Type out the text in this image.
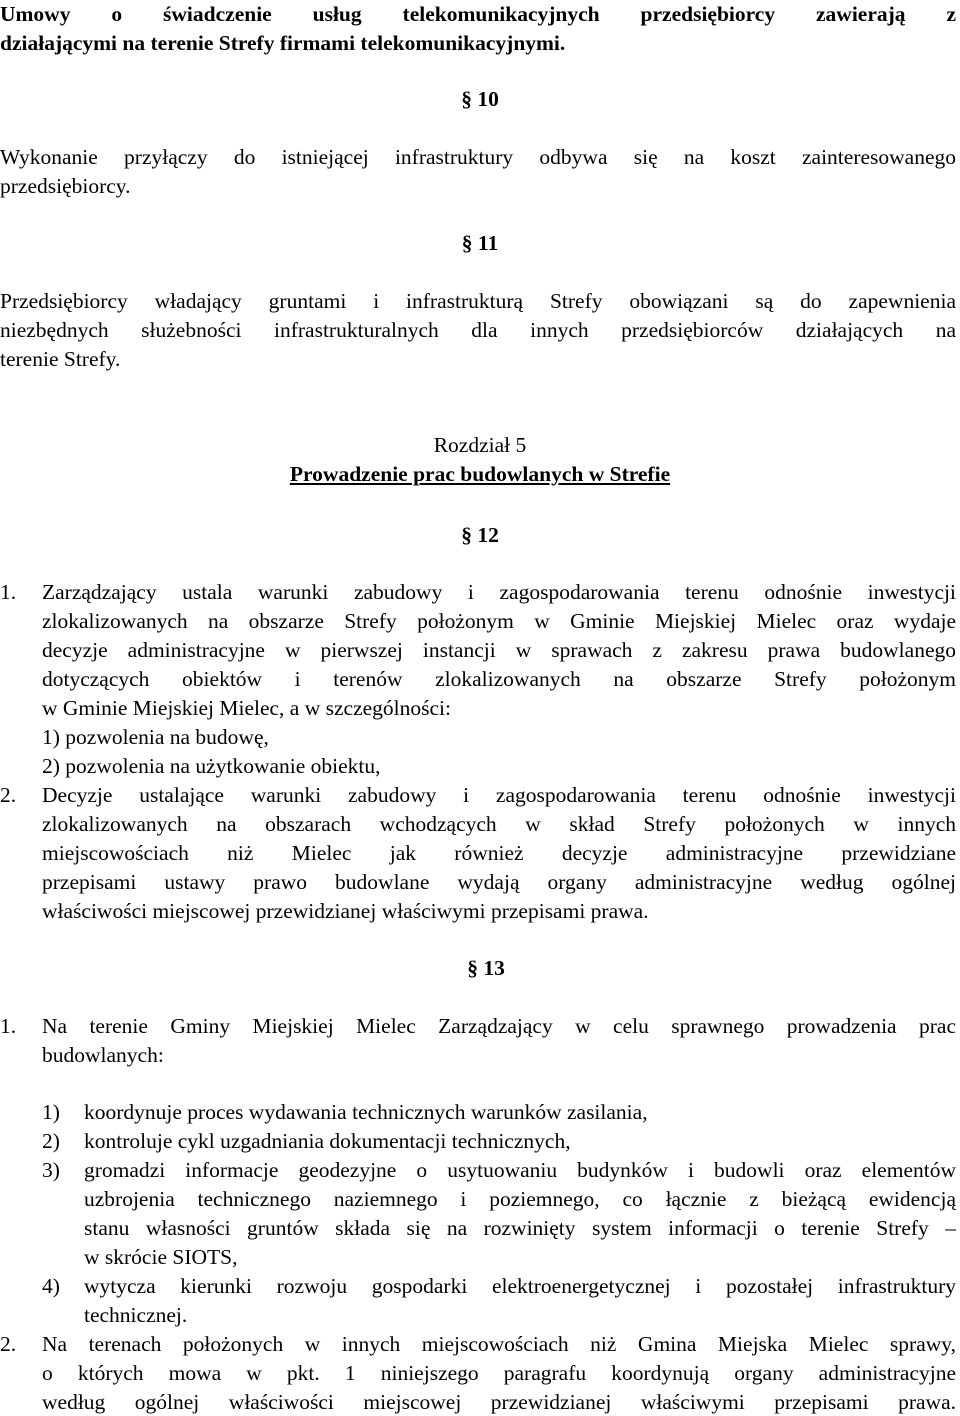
Umowy o świadczenie usług telekomunikacyjnych przedsiębiorcy zawierają z

działającymi na terenie Strefy firmami telekomunikacyjnymi.

§ 10

Wykonanie przyłączy do istniejącej infrastruktury odbywa się na koszt zainteresowanego

przedsiębiorcy.

§ 11

Przedsiębiorcy władający gruntami i infrastrukturą Strefy obowiązani są do zapewnienia

niezbędnych służebności infrastrukturalnych dla innych przedsiębiorców działających na

terenie Strefy.

Rozdział 5

Prowadzenie prac budowlanych w Strefie

§ 12

1. Zarządzający ustala warunki zabudowy i zagospodarowania terenu odnośnie inwestycji

zlokalizowanych na obszarze Strefy położonym w Gminie Miejskiej Mielec oraz wydaje

decyzje administracyjne w pierwszej instancji w sprawach z zakresu prawa budowlanego

dotyczących obiektów i terenów zlokalizowanych na obszarze Strefy położonym

w Gminie Miejskiej Mielec, a w szczególności:

1) pozwolenia na budowę,

2) pozwolenia na użytkowanie obiektu,

2. Decyzje ustalające warunki zabudowy i zagospodarowania terenu odnośnie inwestycji

zlokalizowanych na obszarach wchodzących w skład Strefy położonych w innych

miejscowościach niż Mielec jak również decyzje administracyjne przewidziane

przepisami ustawy prawo budowlane wydają organy administracyjne według ogólnej

właściwości miejscowej przewidzianej właściwymi przepisami prawa.

§ 13

1. Na terenie Gminy Miejskiej Mielec Zarządzający w celu sprawnego prowadzenia prac

budowlanych:

1) koordynuje proces wydawania technicznych warunków zasilania,

2) kontroluje cykl uzgadniania dokumentacji technicznych,

3) gromadzi informacje geodezyjne o usytuowaniu budynków i budowli oraz elementów

uzbrojenia technicznego naziemnego i poziemnego, co łącznie z bieżącą ewidencją

stanu własności gruntów składa się na rozwinięty system informacji o terenie Strefy –

w skrócie SIOTS,

4) wytycza kierunki rozwoju gospodarki elektroenergetycznej i pozostałej infrastruktury

technicznej.

2. Na terenach położonych w innych miejscowościach niż Gmina Miejska Mielec sprawy,

o których mowa w pkt. 1 niniejszego paragrafu koordynują organy administracyjne

według ogólnej właściwości miejscowej przewidzianej właściwymi przepisami prawa.
